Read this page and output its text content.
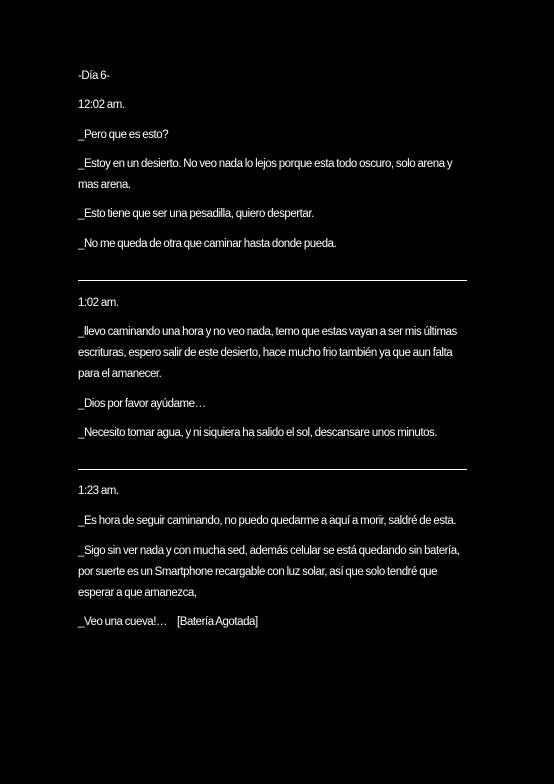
-Día 6-
12:02 am.
_Pero que es esto?
_Estoy en un desierto. No veo nada lo lejos porque esta todo oscuro, solo arena y
mas arena.
_Esto tiene que ser una pesadilla, quiero despertar.
_No me queda de otra que caminar hasta donde pueda.
1:02 am.
_llevo caminando una hora y no veo nada, temo que estas vayan a ser mis últimas
escrituras, espero salir de este desierto, hace mucho frio también ya que aun falta
para el amanecer.
_Dios por favor ayúdame…
_Necesito tomar agua, y ni siquiera ha salido el sol, descansare unos minutos.
1:23 am.
_Es hora de seguir caminando, no puedo quedarme a aquí a morir, saldré de esta.
_Sigo sin ver nada y con mucha sed, además celular se está quedando sin batería,
por suerte es un Smartphone recargable con luz solar, así que solo tendré que
esperar a que amanezca,
_Veo una cueva!… [Batería Agotada]
